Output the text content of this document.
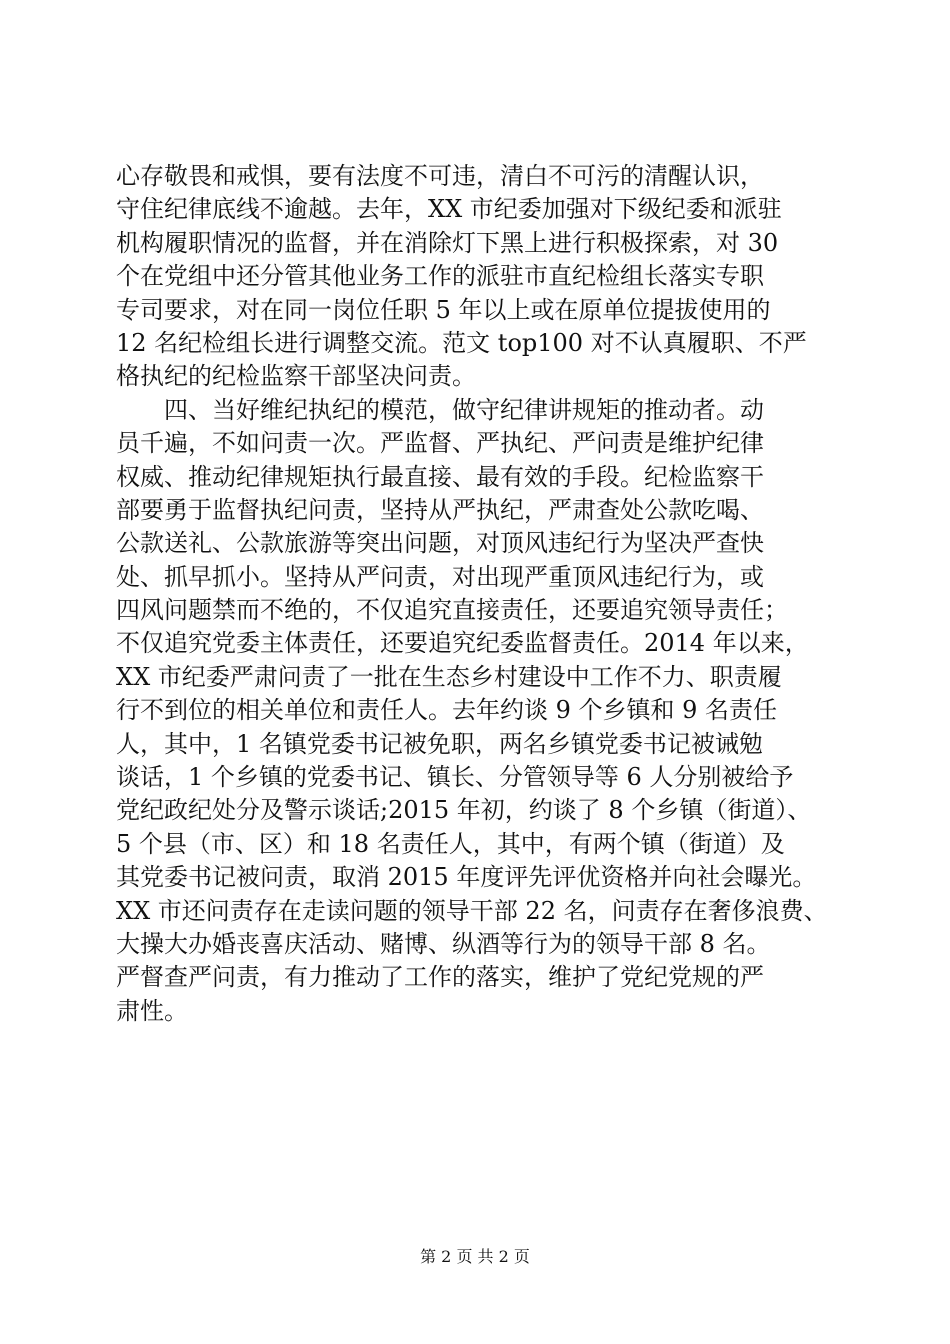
心存敬畏和戒惧，要有法度不可违，清白不可污的清醒认识，
守住纪律底线不逾越。去年，XX 市纪委加强对下级纪委和派驻
机构履职情况的监督，并在消除灯下黑上进行积极探索，对 30
个在党组中还分管其他业务工作的派驻市直纪检组长落实专职
专司要求，对在同一岗位任职 5 年以上或在原单位提拔使用的
12 名纪检组长进行调整交流。范文 top100 对不认真履职、不严
格执纪的纪检监察干部坚决问责。
　　四、当好维纪执纪的模范，做守纪律讲规矩的推动者。动
员千遍，不如问责一次。严监督、严执纪、严问责是维护纪律
权威、推动纪律规矩执行最直接、最有效的手段。纪检监察干
部要勇于监督执纪问责，坚持从严执纪，严肃查处公款吃喝、
公款送礼、公款旅游等突出问题，对顶风违纪行为坚决严查快
处、抓早抓小。坚持从严问责，对出现严重顶风违纪行为，或
四风问题禁而不绝的，不仅追究直接责任，还要追究领导责任；
不仅追究党委主体责任，还要追究纪委监督责任。2014 年以来，
XX 市纪委严肃问责了一批在生态乡村建设中工作不力、职责履
行不到位的相关单位和责任人。去年约谈 9 个乡镇和 9 名责任
人，其中，1 名镇党委书记被免职，两名乡镇党委书记被诫勉
谈话，1 个乡镇的党委书记、镇长、分管领导等 6 人分别被给予
党纪政纪处分及警示谈话;2015 年初，约谈了 8 个乡镇（街道）、
5 个县（市、区）和 18 名责任人，其中，有两个镇（街道）及
其党委书记被问责，取消 2015 年度评先评优资格并向社会曝光。
XX 市还问责存在走读问题的领导干部 22 名，问责存在奢侈浪费、
大操大办婚丧喜庆活动、赌博、纵酒等行为的领导干部 8 名。
严督查严问责，有力推动了工作的落实，维护了党纪党规的严
肃性。
第 2 页 共 2 页
